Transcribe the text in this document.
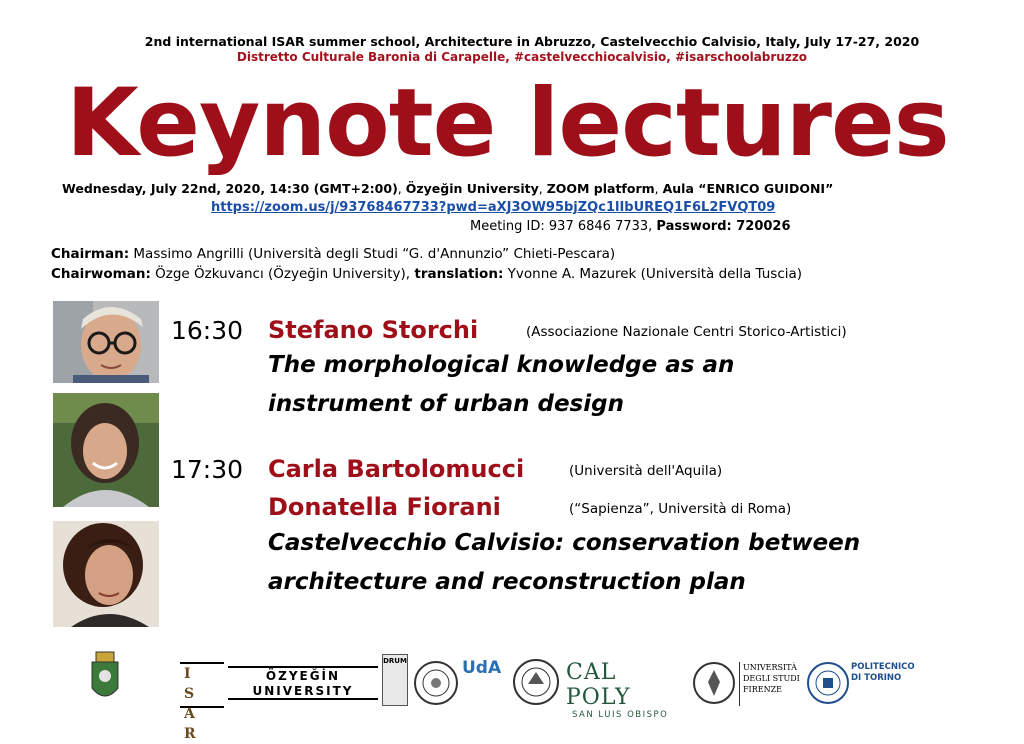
2nd international ISAR summer school, Architecture in Abruzzo, Castelvecchio Calvisio, Italy, July 17-27, 2020
Distretto Culturale Baronia di Carapelle, #castelvecchiocalvisio, #isarschoolabruzzo
Keynote lectures
Wednesday, July 22nd, 2020, 14:30 (GMT+2:00), Özyeğin University, ZOOM platform, Aula “ENRICO GUIDONI”
https://zoom.us/j/93768467733?pwd=aXJ3OW95bjZQc1lIbUREQ1F6L2FVQT09
Meeting ID: 937 6846 7733, Password: 720026
Chairman: Massimo Angrilli (Università degli Studi “G. d'Annunzio” Chieti-Pescara)
Chairwoman: Özge Özkuvancı (Özyeğin University), translation: Yvonne A. Mazurek (Università della Tuscia)
16:30 Stefano Storchi	(Associazione Nazionale Centri Storico-Artistici)
The morphological knowledge as an
instrument of urban design
17:30 Carla Bartolomucci	(Università dell'Aquila)
Donatella Fiorani	(“Sapienza”, Università di Roma)
Castelvecchio Calvisio: conservation between
architecture and reconstruction plan
ISAR
ÖZYEĞİN UNIVERSITY
DRUM	UdA	CAL POLY
SAN LUIS OBISPO
UNIVERSITÀ DEGLI STUDI FIRENZE
POLITECNICO DI TORINO
